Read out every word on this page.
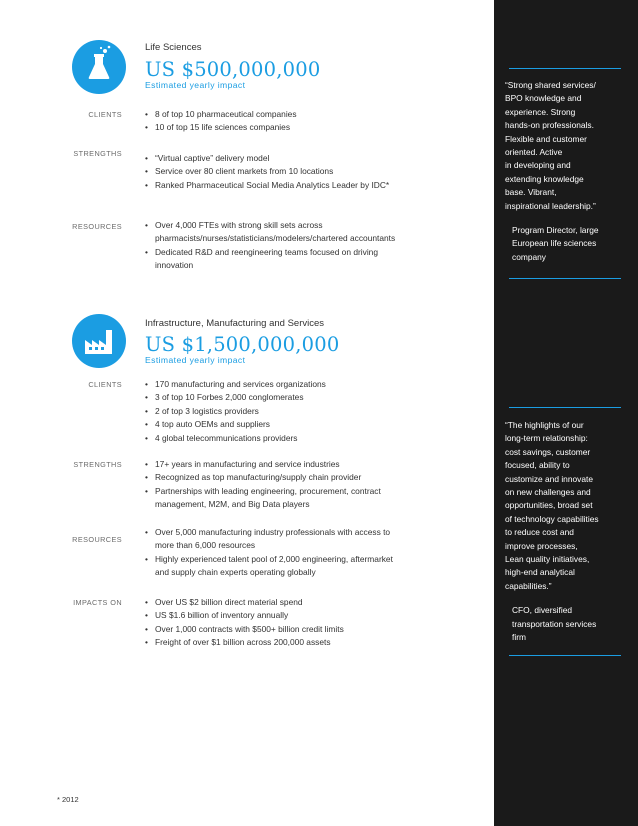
Life Sciences
US $500,000,000
Estimated yearly impact
CLIENTS	• 8 of top 10 pharmaceutical companies
• 10 of top 15 life sciences companies
STRENGTHS	• “Virtual captive” delivery model
• Service over 80 client markets from 10 locations
• Ranked Pharmaceutical Social Media Analytics Leader by IDC*
RESOURCES	• Over 4,000 FTEs with strong skill sets across pharmacists/nurses/statisticians/modelers/chartered accountants
• Dedicated R&D and reengineering teams focused on driving innovation
Infrastructure, Manufacturing and Services
US $1,500,000,000
Estimated yearly impact
CLIENTS	• 170 manufacturing and services organizations
• 3 of top 10 Forbes 2,000 conglomerates
• 2 of top 3 logistics providers
• 4 top auto OEMs and suppliers
• 4 global telecommunications providers
STRENGTHS	• 17+ years in manufacturing and service industries
• Recognized as top manufacturing/supply chain provider
• Partnerships with leading engineering, procurement, contract management, M2M, and Big Data players
RESOURCES
• Over 5,000 manufacturing industry professionals with access to more than 6,000 resources
• Highly experienced talent pool of 2,000 engineering, aftermarket and supply chain experts operating globally
IMPACTS ON	• Over US $2 billion direct material spend
• US $1.6 billion of inventory annually
• Over 1,000 contracts with $500+ billion credit limits
• Freight of over $1 billion across 200,000 assets
“Strong shared services/
BPO knowledge and
experience. Strong
hands-on professionals.
Flexible and customer
oriented. Active
in developing and
extending knowledge
base. Vibrant,
inspirational leadership.”
Program Director, large
European life sciences
company
“The highlights of our
long-term relationship:
cost savings, customer
focused, ability to
customize and innovate
on new challenges and
opportunities, broad set
of technology capabilities
to reduce cost and
improve processes,
Lean quality initiatives,
high-end analytical
capabilities.”
CFO, diversified
transportation services
firm
* 2012
